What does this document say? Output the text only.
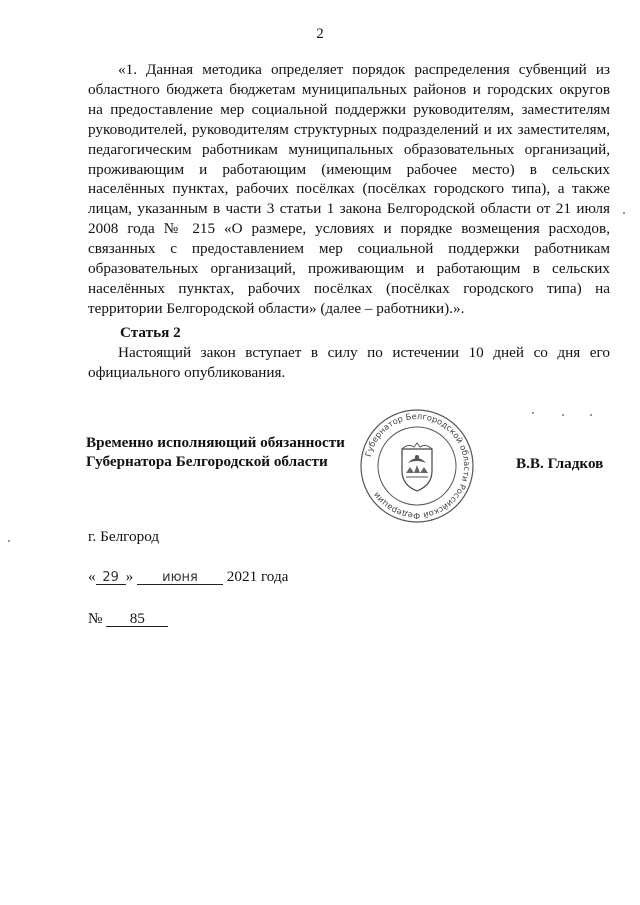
2

«1. Данная методика определяет порядок распределения субвенций из областного бюджета бюджетам муниципальных районов и городских округов на предоставление мер социальной поддержки руководителям, заместителям руководителей, руководителям структурных подразделений и их заместителям, педагогическим работникам муниципальных образовательных организаций, проживающим и работающим (имеющим рабочее место) в сельских населённых пунктах, рабочих посёлках (посёлках городского типа), а также лицам, указанным в части 3 статьи 1 закона Белгородской области от 21 июля 2008 года № 215 «О размере, условиях и порядке возмещения расходов, связанных с предоставлением мер социальной поддержки работникам образовательных организаций, проживающим и работающим в сельских населённых пунктах, рабочих посёлках (посёлках городского типа) на территории Белгородской области» (далее – работники).».

Статья 2

Настоящий закон вступает в силу по истечении 10 дней со дня его официального опубликования.

Временно исполняющий обязанности
Губернатора Белгородской области	Губернатор Белгородской области Российской Федерации
В.В. Гладков
г. Белгород
« 29 » июня 2021 года
№ 85
